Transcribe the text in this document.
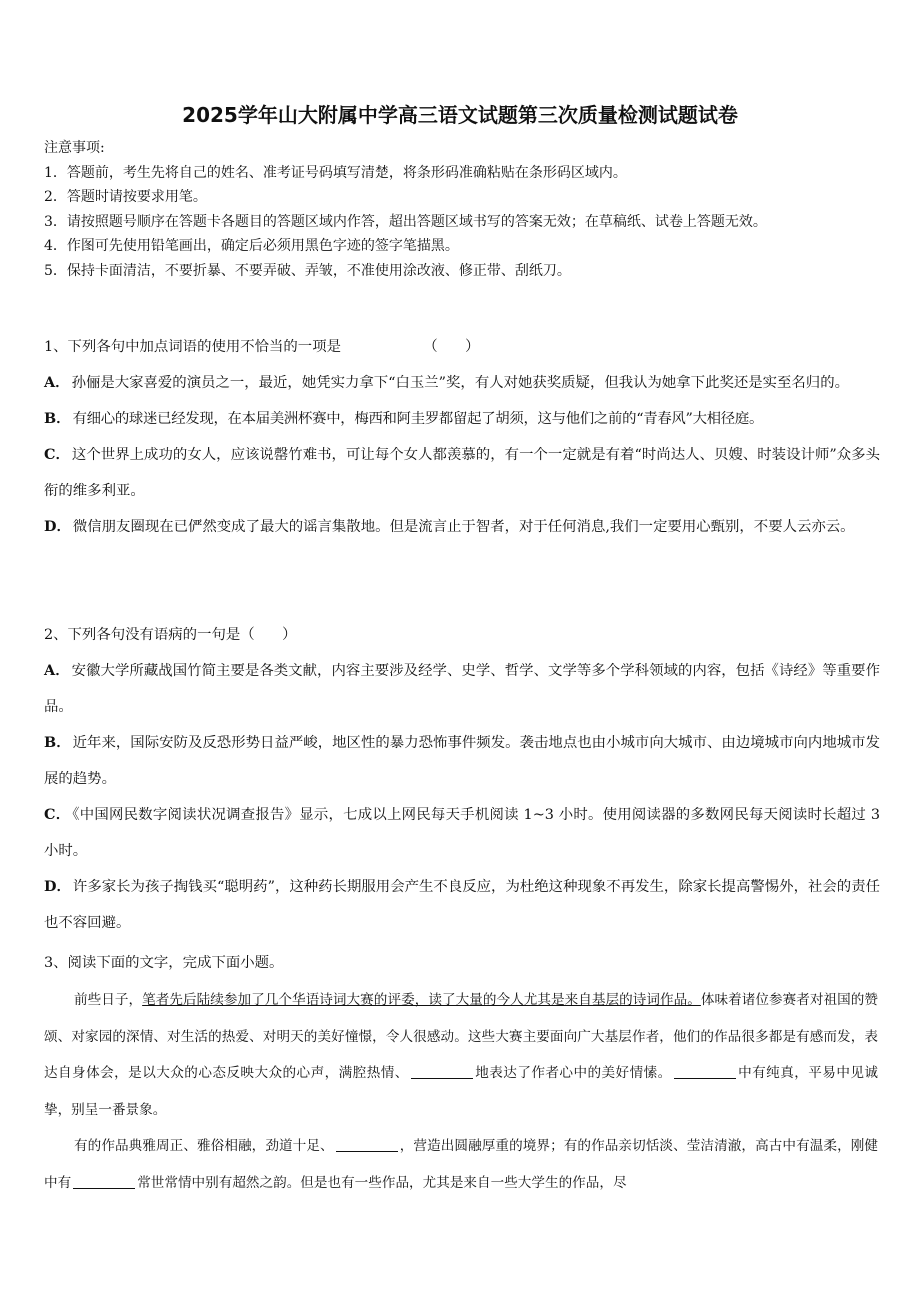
2025学年山大附属中学高三语文试题第三次质量检测试题试卷
注意事项:
1．答题前，考生先将自己的姓名、准考证号码填写清楚，将条形码准确粘贴在条形码区域内。
2．答题时请按要求用笔。
3．请按照题号顺序在答题卡各题目的答题区域内作答，超出答题区域书写的答案无效；在草稿纸、试卷上答题无效。
4．作图可先使用铅笔画出，确定后必须用黑色字迹的签字笔描黑。
5．保持卡面清洁，不要折暴、不要弄破、弄皱，不准使用涂改液、修正带、刮纸刀。
1、下列各句中加点词语的使用不恰当的一项是                  （      ）

A． 孙俪是大家喜爱的演员之一，最近，她凭实力拿下“白玉兰”奖，有人对她获奖质疑，但我认为她拿下此奖还是实至名归的。

B． 有细心的球迷已经发现，在本届美洲杯赛中，梅西和阿圭罗都留起了胡须，这与他们之前的“青春风”大相径庭。

C． 这个世界上成功的女人，应该说罄竹难书，可让每个女人都羡慕的，有一个一定就是有着“时尚达人、贝嫂、时装设计师”众多头衔的维多利亚。

D． 微信朋友圈现在已俨然变成了最大的谣言集散地。但是流言止于智者，对于任何消息,我们一定要用心甄别，不要人云亦云。

2、下列各句没有语病的一句是（      ）

A． 安徽大学所藏战国竹简主要是各类文献，内容主要涉及经学、史学、哲学、文学等多个学科领域的内容，包括《诗经》等重要作品。

B． 近年来，国际安防及反恐形势日益严峻，地区性的暴力恐怖事件频发。袭击地点也由小城市向大城市、由边境城市向内地城市发展的趋势。

C． 《中国网民数字阅读状况调查报告》显示，七成以上网民每天手机阅读 1~3 小时。使用阅读器的多数网民每天阅读时长超过 3 小时。

D． 许多家长为孩子掏钱买“聪明药”，这种药长期服用会产生不良反应，为杜绝这种现象不再发生，除家长提高警惕外，社会的责任也不容回避。

3、阅读下面的文字，完成下面小题。

前些日子，笔者先后陆续参加了几个华语诗词大赛的评委，读了大量的今人尤其是来自基层的诗词作品。体味着诸位参赛者对祖国的赞颂、对家园的深情、对生活的热爱、对明天的美好憧憬，令人很感动。这些大赛主要面向广大基层作者，他们的作品很多都是有感而发，表达自身体会，是以大众的心态反映大众的心声，满腔热情、	地表达了作者心中的美好情愫。	中有纯真，平易中见诚挚，别呈一番景象。

有的作品典雅周正、雅俗相融，劲道十足、	，营造出圆融厚重的境界；有的作品亲切恬淡、莹洁清澈，高古中有温柔，刚健中有	常世常情中别有超然之韵。但是也有一些作品，尤其是来自一些大学生的作品，尽
